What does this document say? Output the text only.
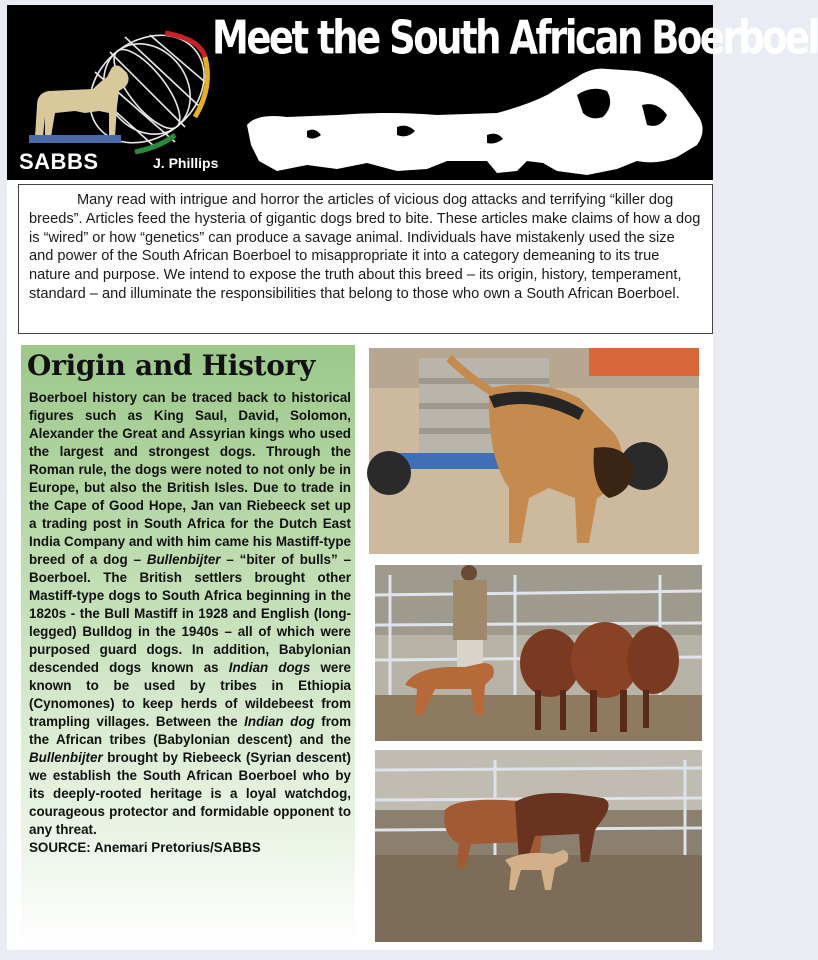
SABBS	J. Phillips
Meet the South African Boerboel

Many read with intrigue and horror the articles of vicious dog attacks and terrifying “killer dog breeds”. Articles feed the hysteria of gigantic dogs bred to bite. These articles make claims of how a dog is “wired” or how “genetics” can produce a savage animal. Individuals have mistakenly used the size and power of the South African Boerboel to misappropriate it into a category demeaning to its true nature and purpose. We intend to expose the truth about this breed – its origin, history, temperament, standard – and illuminate the responsibilities that belong to those who own a South African Boerboel.

Origin and History
Boerboel history can be traced back to historical figures such as King Saul, David, Solomon, Alexander the Great and Assyrian kings who used the largest and strongest dogs. Through the Roman rule, the dogs were noted to not only be in Europe, but also the British Isles. Due to trade in the Cape of Good Hope, Jan van Riebeeck set up a trading post in South Africa for the Dutch East India Company and with him came his Mastiff-type breed of a dog – Bullenbijter – “biter of bulls” – Boerboel. The British settlers brought other Mastiff-type dogs to South Africa beginning in the 1820s - the Bull Mastiff in 1928 and English (long-legged) Bulldog in the 1940s – all of which were purposed guard dogs. In addition, Babylonian descended dogs known as Indian dogs were known to be used by tribes in Ethiopia (Cynomones) to keep herds of wildebeest from trampling villages. Between the Indian dog from the African tribes (Babylonian descent) and the Bullenbijter brought by Riebeeck (Syrian descent) we establish the South African Boerboel who by its deeply-rooted heritage is a loyal watchdog, courageous protector and formidable opponent to any threat.
SOURCE: Anemari Pretorius/SABBS
